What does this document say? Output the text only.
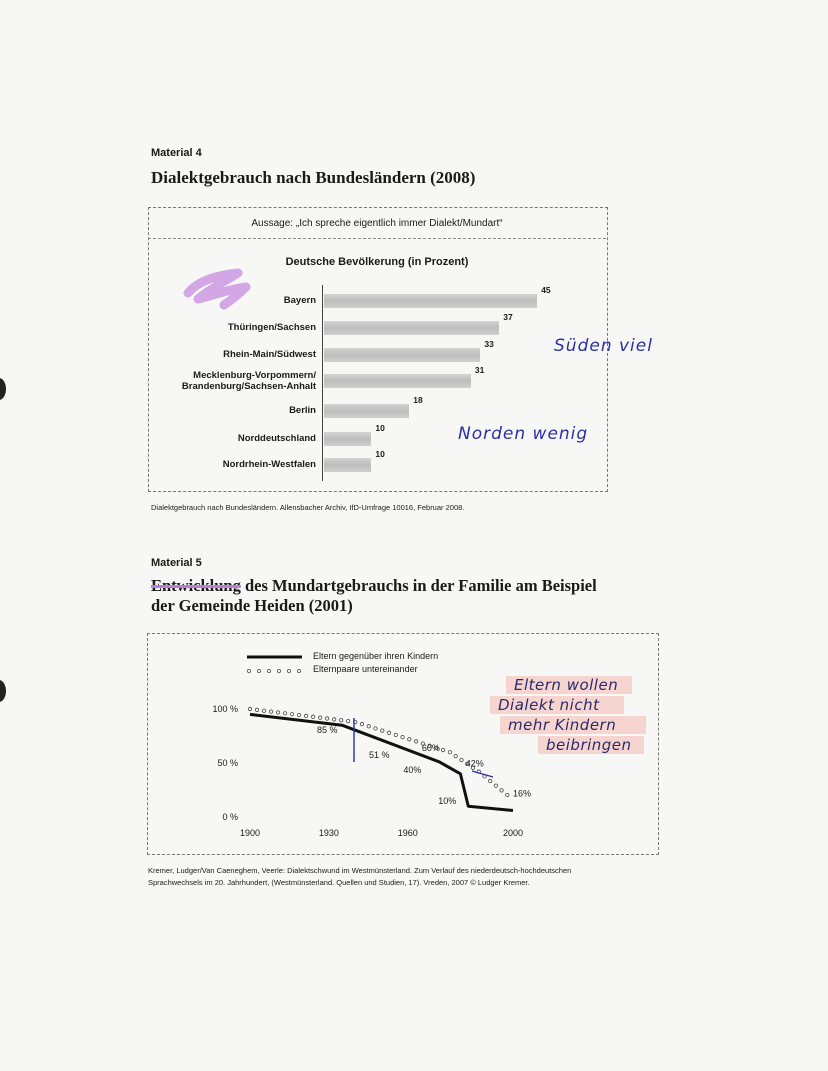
Material 4
Dialektgebrauch nach Bundesländern (2008)
Aussage: „Ich spreche eigentlich immer Dialekt/Mundart“
Deutsche Bevölkerung (in Prozent)
Bayern
45
Thüringen/Sachsen
37
Rhein-Main/Südwest
33
Mecklenburg-Vorpommern/
Brandenburg/Sachsen-Anhalt
31
Berlin
18
Norddeutschland
10
Nordrhein-Westfalen
10
Dialektgebrauch nach Bundesländern. Allensbacher Archiv, IfD-Umfrage 10016, Februar 2008.
Süden viel
Norden wenig
Material 5
Entwicklung des Mundartgebrauchs in der Familie am Beispiel
der Gemeinde Heiden (2001)
100 %
50 %
0 %
1900	1930	1960	2000
85 %
51 %
40%
10%
60%
42%
16%
Eltern gegenüber ihren Kindern
Elternpaare untereinander
Eltern wollen
Dialekt nicht
mehr Kindern
beibringen
Kremer, Ludger/Van Caeneghem, Veerle: Dialektschwund im Westmünsterland. Zum Verlauf des niederdeutsch-hochdeutschen
Sprachwechsels im 20. Jahrhundert, (Westmünsterland. Quellen und Studien, 17). Vreden, 2007 © Ludger Kremer.
